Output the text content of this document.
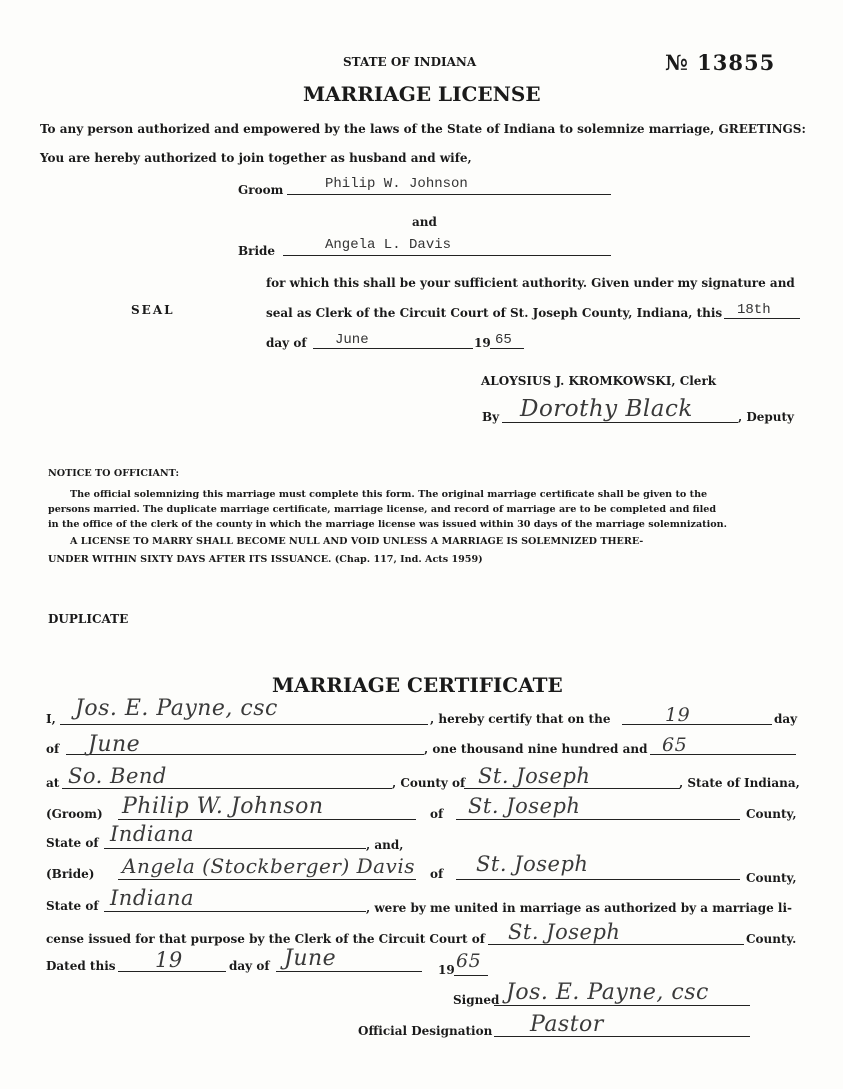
STATE OF INDIANA	№ 13855
MARRIAGE LICENSE
To any person authorized and empowered by the laws of the State of Indiana to solemnize marriage, GREETINGS:
You are hereby authorized to join together as husband and wife,
Groom	Philip W. Johnson
and
Bride	Angela L. Davis
for which this shall be your sufficient authority. Given under my signature and
SEAL	seal as Clerk of the Circuit Court of St. Joseph County, Indiana, this 18th
day of June	19 65
ALOYSIUS J. KROMKOWSKI, Clerk
By Dorothy Black	, Deputy
NOTICE TO OFFICIANT:
The official solemnizing this marriage must complete this form. The original marriage certificate shall be given to the
persons married. The duplicate marriage certificate, marriage license, and record of marriage are to be completed and filed
in the office of the clerk of the county in which the marriage license was issued within 30 days of the marriage solemnization.
A LICENSE TO MARRY SHALL BECOME NULL AND VOID UNLESS A MARRIAGE IS SOLEMNIZED THERE-
UNDER WITHIN SIXTY DAYS AFTER ITS ISSUANCE. (Chap. 117, Ind. Acts 1959)
DUPLICATE
MARRIAGE CERTIFICATE
I, Jos. E. Payne, csc	, hereby certify that on the	19	day
of June	, one thousand nine hundred and 65
at So. Bend	, County of St. Joseph	, State of Indiana,
(Groom) Philip W. Johnson	of St. Joseph	County,
State of Indiana	, and,
(Bride) Angela (Stockberger) Davis of St. Joseph
County,
State of Indiana	, were by me united in marriage as authorized by a marriage li-
cense issued for that purpose by the Clerk of the Circuit Court of St. Joseph	County.
Dated this 19	day of June	19 65
Signed Jos. E. Payne, csc
Official Designation Pastor
